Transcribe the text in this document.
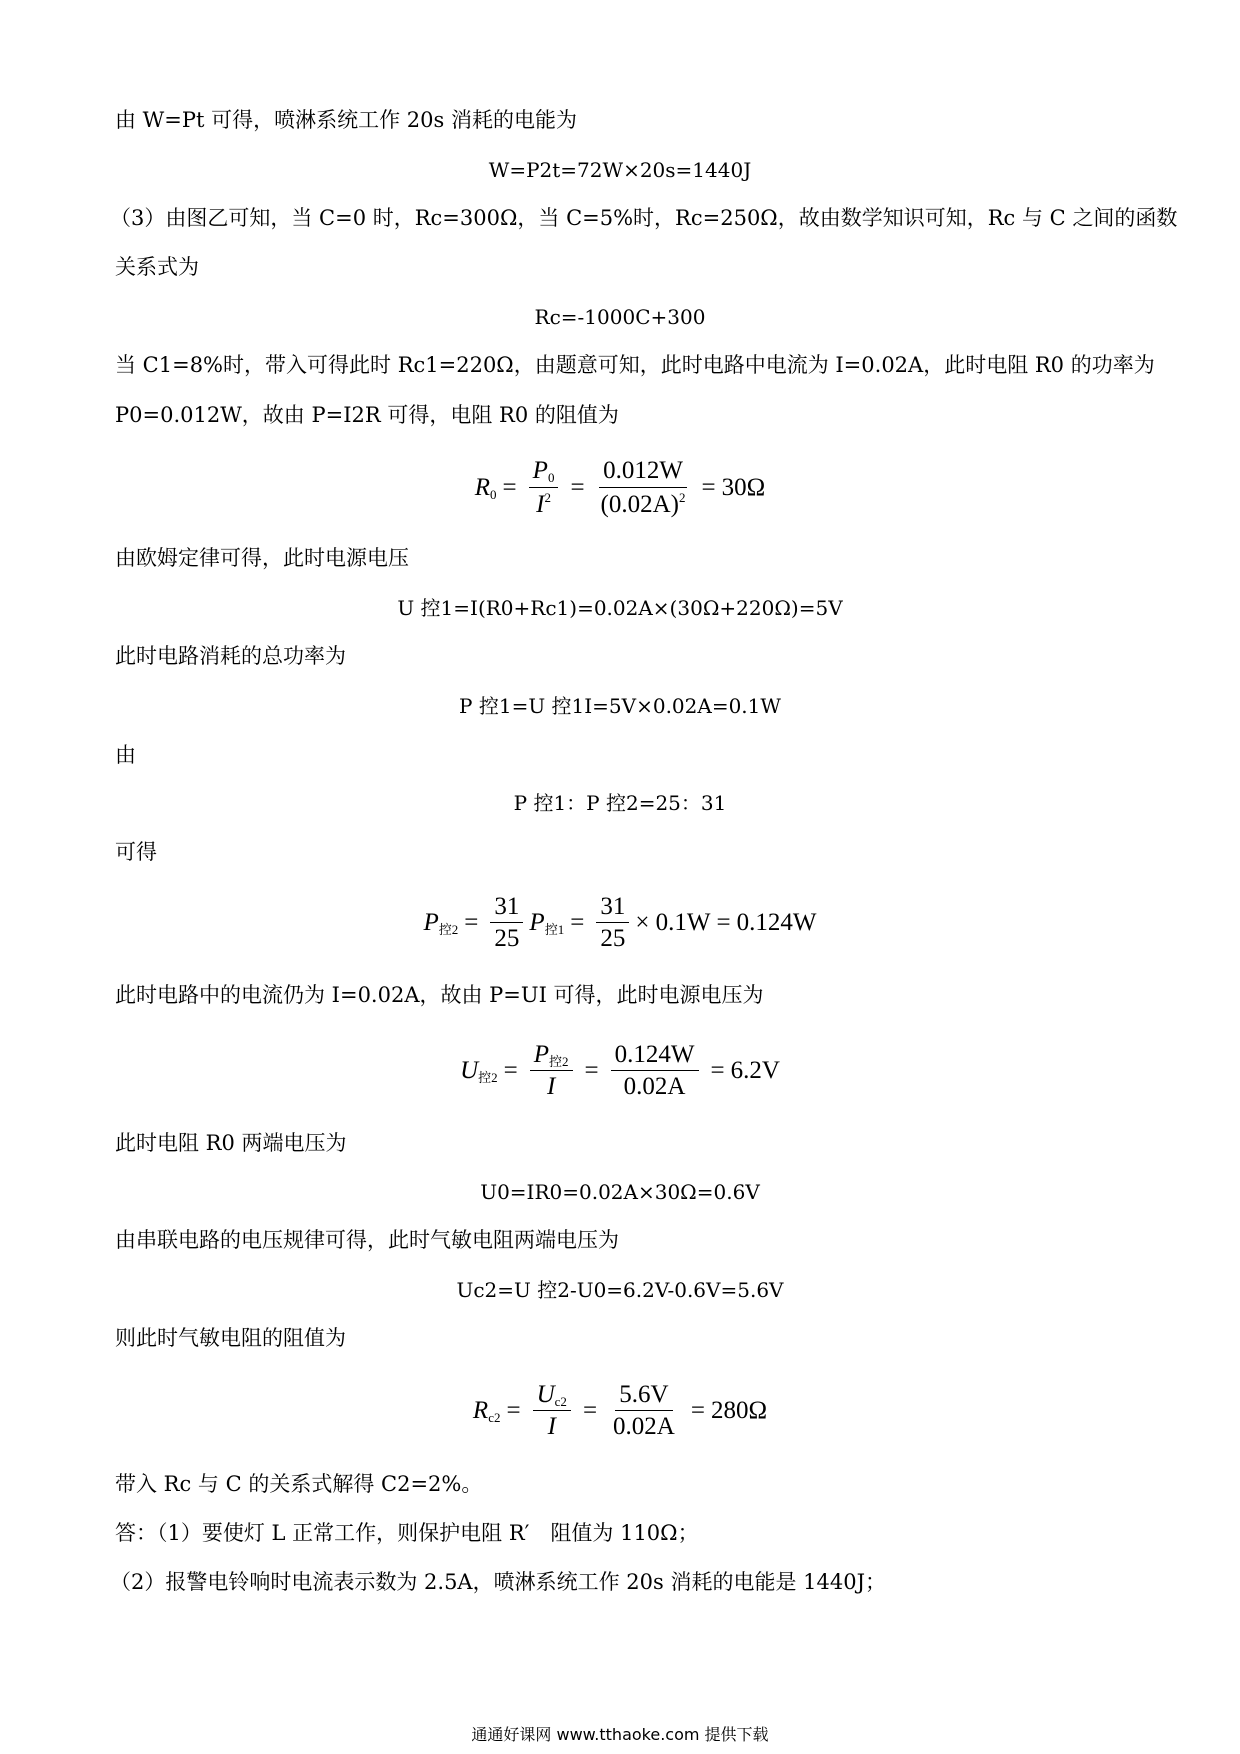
由 W=Pt 可得，喷淋系统工作 20s 消耗的电能为
W=P2t=72W×20s=1440J
（3）由图乙可知，当 C=0 时，Rc=300Ω，当 C=5%时，Rc=250Ω，故由数学知识可知，Rc 与 C 之间的函数
关系式为
Rc=-1000C+300
当 C1=8%时，带入可得此时 Rc1=220Ω，由题意可知，此时电路中电流为 I=0.02A，此时电阻 R0 的功率为
P0=0.012W，故由 P=I2R 可得，电阻 R0 的阻值为
$R_0 = \frac{P_0}{I^2} = \frac{0.012W}{(0.02A)^2} = 30\Omega$
由欧姆定律可得，此时电源电压
U 控1=I(R0+Rc1)=0.02A×(30Ω+220Ω)=5V
此时电路消耗的总功率为
P 控1=U 控1I=5V×0.02A=0.1W
由
P 控1：P 控2=25：31
可得
$P_{控2} = \frac{31}{25} P_{控1} = \frac{31}{25} \times 0.1W = 0.124W$
此时电路中的电流仍为 I=0.02A，故由 P=UI 可得，此时电源电压为
$U_{控2} = \frac{P_{控2}}{I} = \frac{0.124W}{0.02A} = 6.2V$
此时电阻 R0 两端电压为
U0=IR0=0.02A×30Ω=0.6V
由串联电路的电压规律可得，此时气敏电阻两端电压为
Uc2=U 控2-U0=6.2V-0.6V=5.6V
则此时气敏电阻的阻值为
$R_{c2} = \frac{U_{c2}}{I} = \frac{5.6V}{0.02A} = 280\Omega$
带入 Rc 与 C 的关系式解得 C2=2%。
答：（1）要使灯 L 正常工作，则保护电阻 R′　阻值为 110Ω；
（2）报警电铃响时电流表示数为 2.5A，喷淋系统工作 20s 消耗的电能是 1440J；
通通好课网 www.tthaoke.com 提供下载
